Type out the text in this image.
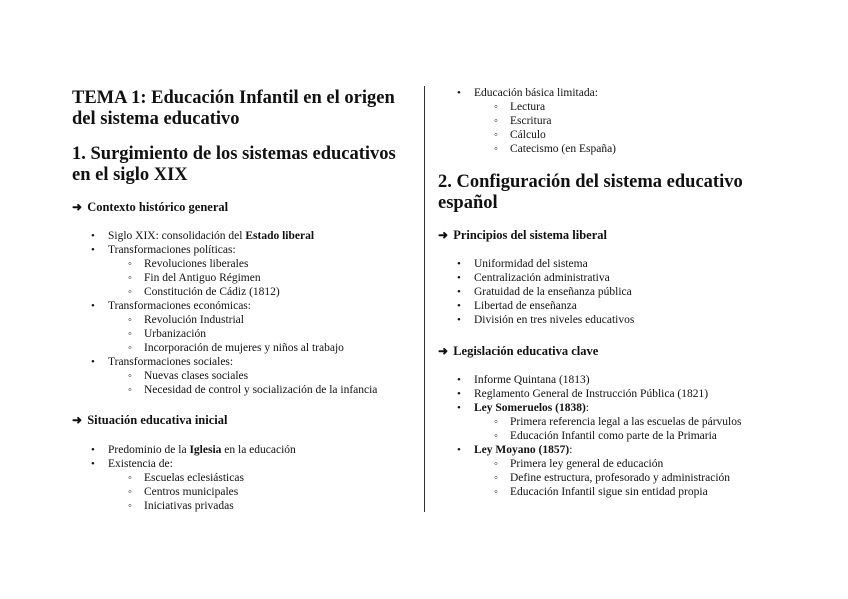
TEMA 1: Educación Infantil en el origen del sistema educativo
1. Surgimiento de los sistemas educativos en el siglo XIX
➜ Contexto histórico general
• Siglo XIX: consolidación del Estado liberal
• Transformaciones políticas:
◦ Revoluciones liberales
◦ Fin del Antiguo Régimen
◦ Constitución de Cádiz (1812)
• Transformaciones económicas:
◦ Revolución Industrial
◦ Urbanización
◦ Incorporación de mujeres y niños al trabajo
• Transformaciones sociales:
◦ Nuevas clases sociales
◦ Necesidad de control y socialización de la infancia
➜ Situación educativa inicial
• Predominio de la Iglesia en la educación
• Existencia de:
◦ Escuelas eclesiásticas
◦ Centros municipales
◦ Iniciativas privadas
• Educación básica limitada:
◦ Lectura
◦ Escritura
◦ Cálculo
◦ Catecismo (en España)
2. Configuración del sistema educativo español
➜ Principios del sistema liberal
• Uniformidad del sistema
• Centralización administrativa
• Gratuidad de la enseñanza pública
• Libertad de enseñanza
• División en tres niveles educativos
➜ Legislación educativa clave
• Informe Quintana (1813)
• Reglamento General de Instrucción Pública (1821)
• Ley Someruelos (1838):
◦ Primera referencia legal a las escuelas de párvulos
◦ Educación Infantil como parte de la Primaria
• Ley Moyano (1857):
◦ Primera ley general de educación
◦ Define estructura, profesorado y administración
◦ Educación Infantil sigue sin entidad propia
